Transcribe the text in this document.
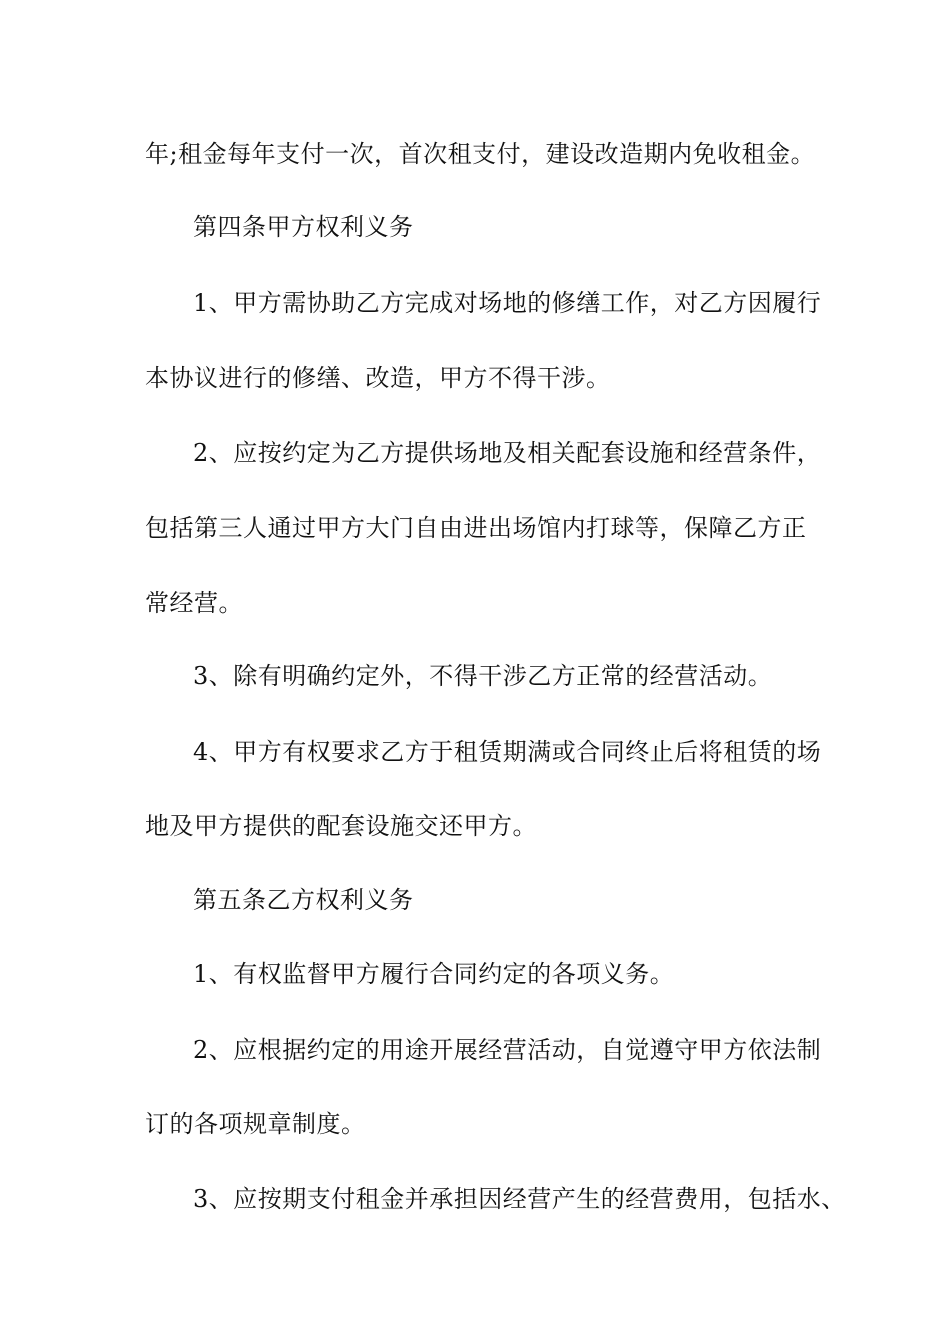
年;租金每年支付一次，首次租支付，建设改造期内免收租金。
第四条甲方权利义务
1、甲方需协助乙方完成对场地的修缮工作，对乙方因履行
本协议进行的修缮、改造，甲方不得干涉。
2、应按约定为乙方提供场地及相关配套设施和经营条件，
包括第三人通过甲方大门自由进出场馆内打球等，保障乙方正
常经营。
3、除有明确约定外，不得干涉乙方正常的经营活动。
4、甲方有权要求乙方于租赁期满或合同终止后将租赁的场
地及甲方提供的配套设施交还甲方。
第五条乙方权利义务
1、有权监督甲方履行合同约定的各项义务。
2、应根据约定的用途开展经营活动，自觉遵守甲方依法制
订的各项规章制度。
3、应按期支付租金并承担因经营产生的经营费用，包括水、
